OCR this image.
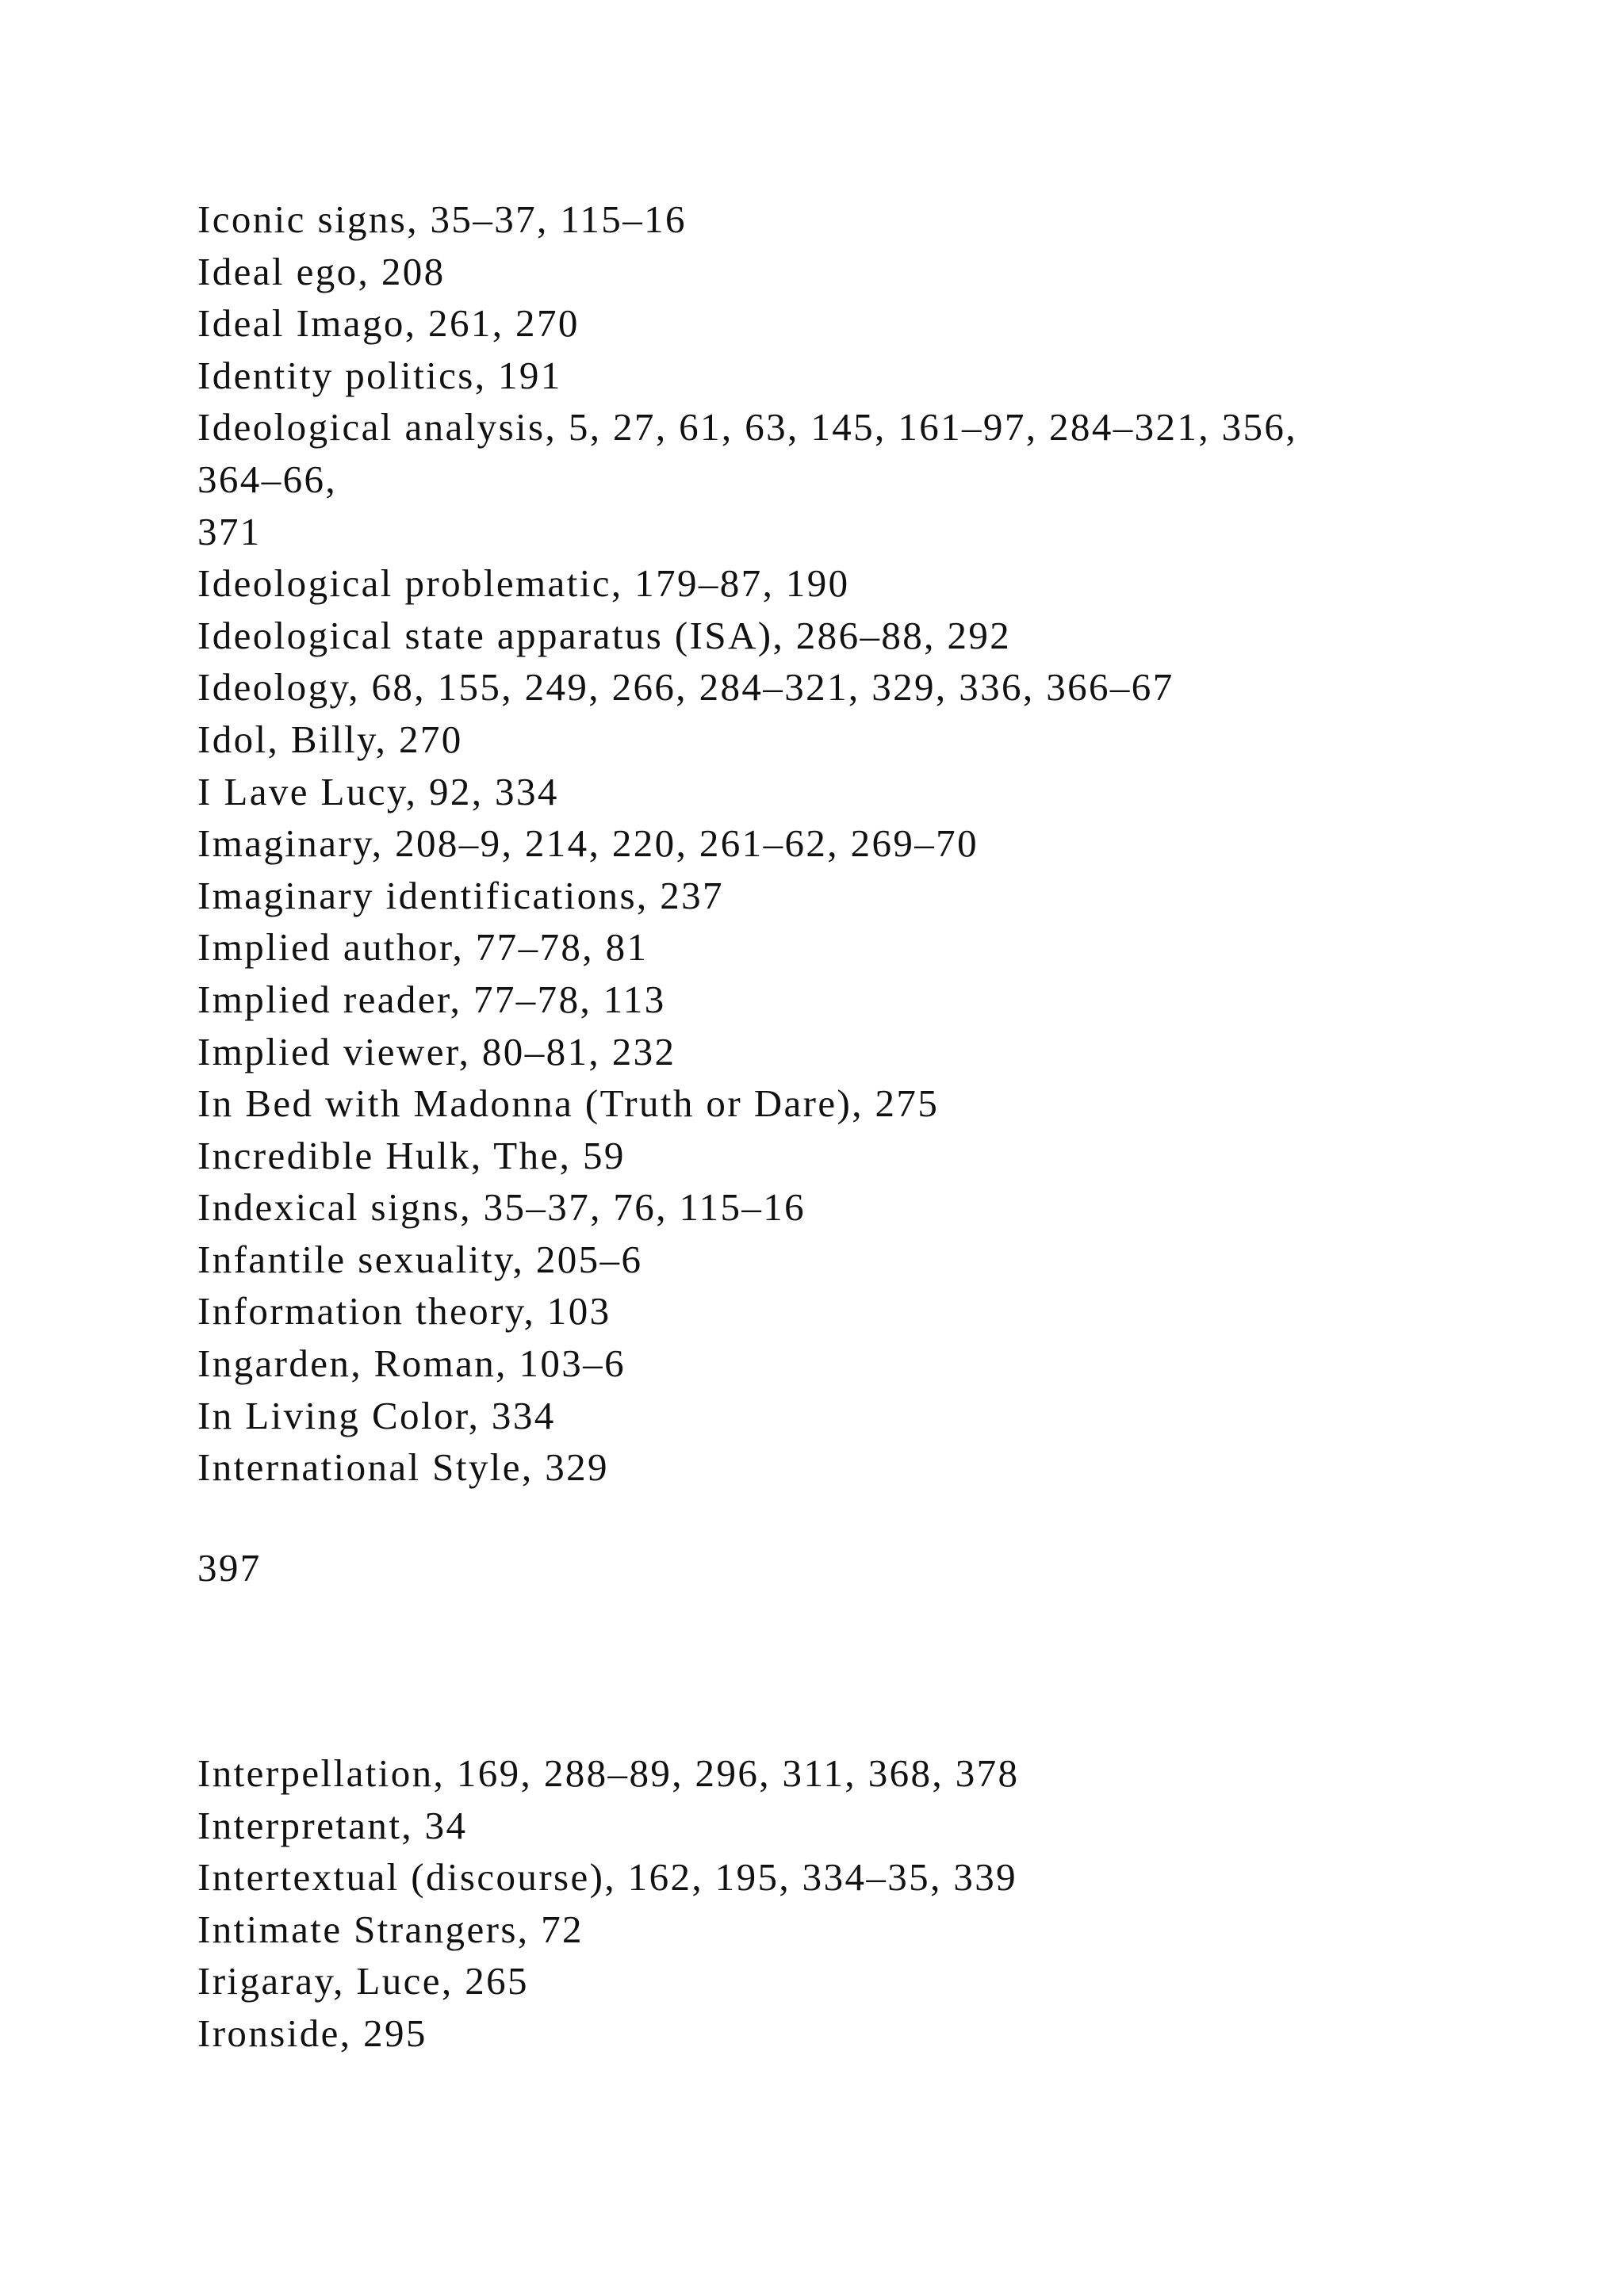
Iconic signs, 35–37, 115–16
Ideal ego, 208
Ideal Imago, 261, 270
Identity politics, 191
Ideological analysis, 5, 27, 61, 63, 145, 161–97, 284–321, 356,
364–66,
371
Ideological problematic, 179–87, 190
Ideological state apparatus (ISA), 286–88, 292
Ideology, 68, 155, 249, 266, 284–321, 329, 336, 366–67
Idol, Billy, 270
I Lave Lucy, 92, 334
Imaginary, 208–9, 214, 220, 261–62, 269–70
Imaginary identifications, 237
Implied author, 77–78, 81
Implied reader, 77–78, 113
Implied viewer, 80–81, 232
In Bed with Madonna (Truth or Dare), 275
Incredible Hulk, The, 59
Indexical signs, 35–37, 76, 115–16
Infantile sexuality, 205–6
Information theory, 103
Ingarden, Roman, 103–6
In Living Color, 334
International Style, 329
397
Interpellation, 169, 288–89, 296, 311, 368, 378
Interpretant, 34
Intertextual (discourse), 162, 195, 334–35, 339
Intimate Strangers, 72
Irigaray, Luce, 265
Ironside, 295
